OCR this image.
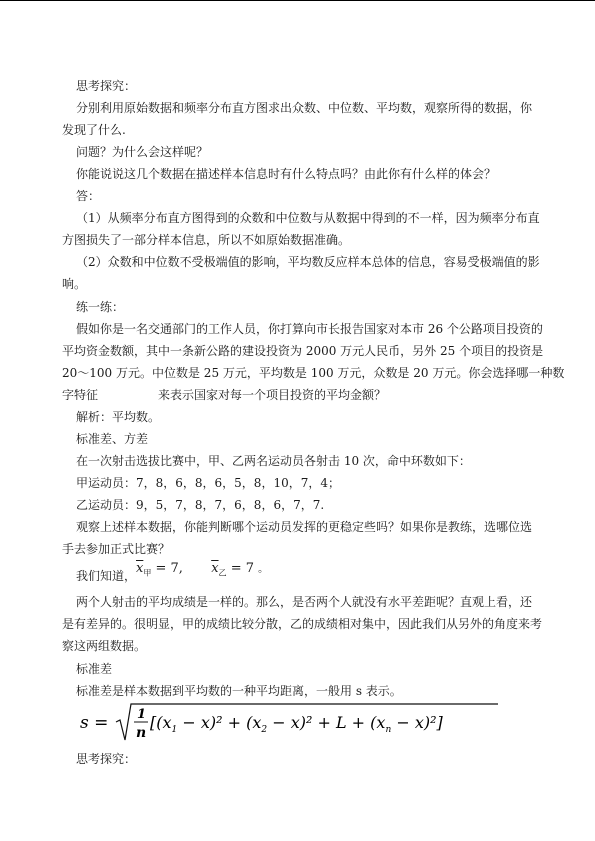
思考探究：

分别利用原始数据和频率分布直方图求出众数、中位数、平均数，观察所得的数据，你

发现了什么.

问题？为什么会这样呢？

你能说说这几个数据在描述样本信息时有什么特点吗？由此你有什么样的体会？

答：

（1）从频率分布直方图得到的众数和中位数与从数据中得到的不一样，因为频率分布直

方图损失了一部分样本信息，所以不如原始数据准确。

（2）众数和中位数不受极端值的影响，平均数反应样本总体的信息，容易受极端值的影

响。

练一练：

假如你是一名交通部门的工作人员，你打算向市长报告国家对本市 26 个公路项目投资的

平均资金数额，其中一条新公路的建设投资为 2000 万元人民币，另外 25 个项目的投资是

20～100 万元。中位数是 25 万元，平均数是 100 万元，众数是 20 万元。你会选择哪一种数

字特征	来表示国家对每一个项目投资的平均金额？

解析：平均数。

标准差、方差

在一次射击选拔比赛中，甲、乙两名运动员各射击 10 次，命中环数如下：

甲运动员：7，8，6，8，6，5，8，10，7，4；

乙运动员：9，5，7，8，7，6，8，6，7，7.

观察上述样本数据，你能判断哪个运动员发挥的更稳定些吗？如果你是教练，选哪位选

手去参加正式比赛？

我们知道， $\overline{x}_甲 = 7$, $\overline{x}_乙 = 7$ 。

两个人射击的平均成绩是一样的。那么，是否两个人就没有水平差距呢？直观上看，还

是有差异的。很明显，甲的成绩比较分散，乙的成绩相对集中，因此我们从另外的角度来考

察这两组数据。

标准差

标准差是样本数据到平均数的一种平均距离，一般用 s 表示。

s = 1
n
$[(x_1 - x)^2 + (x_2 - x)^2 + L + (x_n - x)^2]$

思考探究：
